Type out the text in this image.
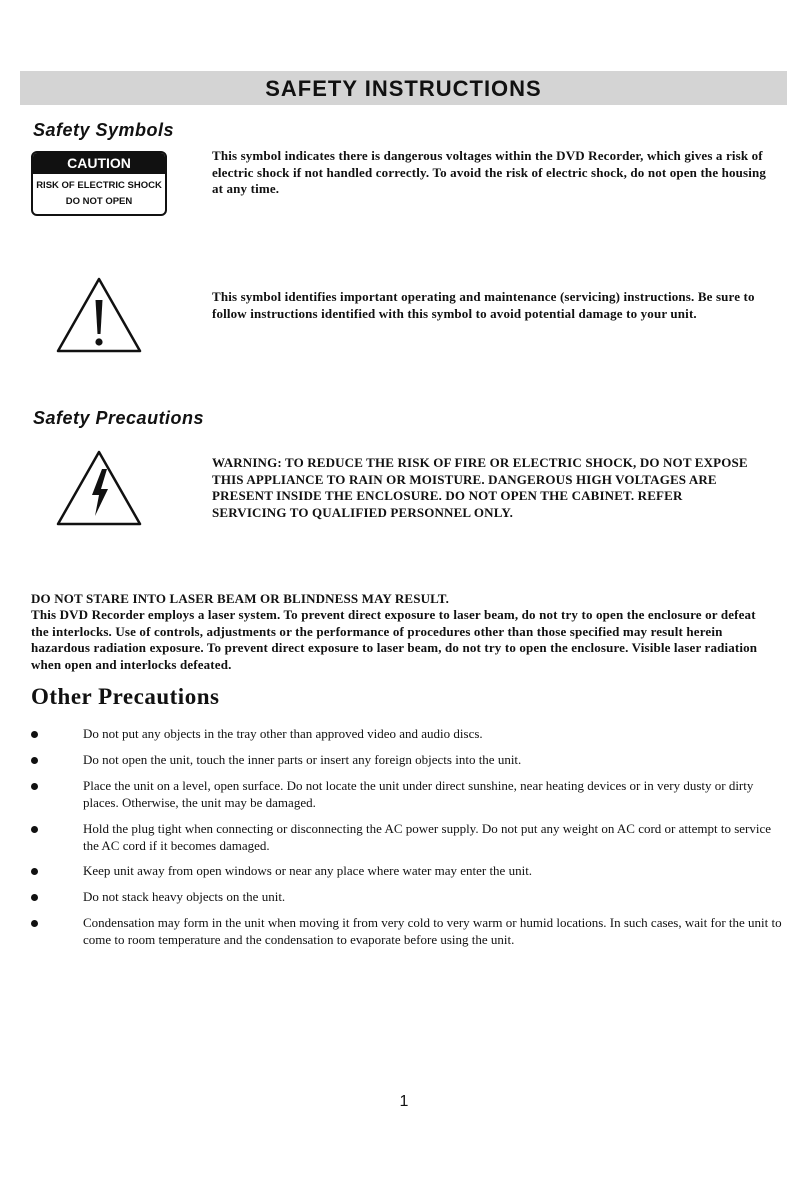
SAFETY INSTRUCTIONS
Safety Symbols
CAUTION
RISK OF ELECTRIC SHOCK
DO NOT OPEN
This symbol indicates there is dangerous voltages within the DVD Recorder, which gives a risk of electric shock if not handled correctly. To avoid the risk of electric shock, do not open the housing at any time.
This symbol identifies important operating and maintenance (servicing) instructions. Be sure to follow instructions identified with this symbol to avoid potential damage to your unit.
Safety Precautions
WARNING: TO REDUCE THE RISK OF FIRE OR ELECTRIC SHOCK, DO NOT EXPOSE THIS APPLIANCE TO RAIN OR MOISTURE. DANGEROUS HIGH VOLTAGES ARE PRESENT INSIDE THE ENCLOSURE. DO NOT OPEN THE CABINET. REFER SERVICING TO QUALIFIED PERSONNEL ONLY.
DO NOT STARE INTO LASER BEAM OR BLINDNESS MAY RESULT.
This DVD Recorder employs a laser system. To prevent direct exposure to laser beam, do not try to open the enclosure or defeat the interlocks. Use of controls, adjustments or the performance of procedures other than those specified may result herein hazardous radiation exposure. To prevent direct exposure to laser beam, do not try to open the enclosure. Visible laser radiation when open and interlocks defeated.
Other Precautions
Do not put any objects in the tray other than approved video and audio discs.
Do not open the unit, touch the inner parts or insert any foreign objects into the unit.
Place the unit on a level, open surface. Do not locate the unit under direct sunshine, near heating devices or in very dusty or dirty places. Otherwise, the unit may be damaged.
Hold the plug tight when connecting or disconnecting the AC power supply. Do not put any weight on AC cord or attempt to service the AC cord if it becomes damaged.
Keep unit away from open windows or near any place where water may enter the unit.
Do not stack heavy objects on the unit.
Condensation may form in the unit when moving it from very cold to very warm or humid locations. In such cases, wait for the unit to come to room temperature and the condensation to evaporate before using the unit.
1
